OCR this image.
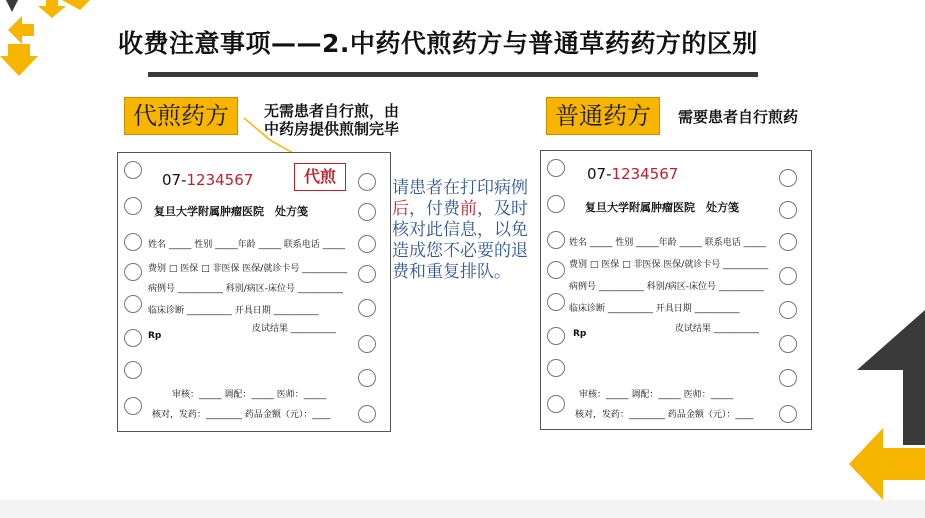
收费注意事项——2.中药代煎药方与普通草药药方的区别
代煎药方	无需患者自行煎，由
中药房提供煎制完毕
07-1234567
复旦大学附属肿瘤医院　处方笺
姓名 _____ 性别 _____年龄 _____ 联系电话 _____
费别 □ 医保 □ 非医保 医保/就诊卡号 __________
病例号 __________ 科别/病区-床位号 __________
临床诊断 __________ 开具日期 __________
皮试结果 __________
Rp
审核：_____ 调配：_____ 医师：_____
核对，发药：________ 药品金额（元）：____
代煎
请患者在打印病例后，付费前，及时核对此信息，以免造成您不必要的退费和重复排队。
普通药方	需要患者自行煎药
07-1234567
复旦大学附属肿瘤医院　处方笺
姓名 _____ 性别 _____年龄 _____ 联系电话 _____
费别 □ 医保 □ 非医保 医保/就诊卡号 __________
病例号 __________ 科别/病区-床位号 __________
临床诊断 __________ 开具日期 __________
皮试结果 __________
Rp
审核：_____ 调配：_____ 医师：_____
核对，发药：________ 药品金额（元）：____
